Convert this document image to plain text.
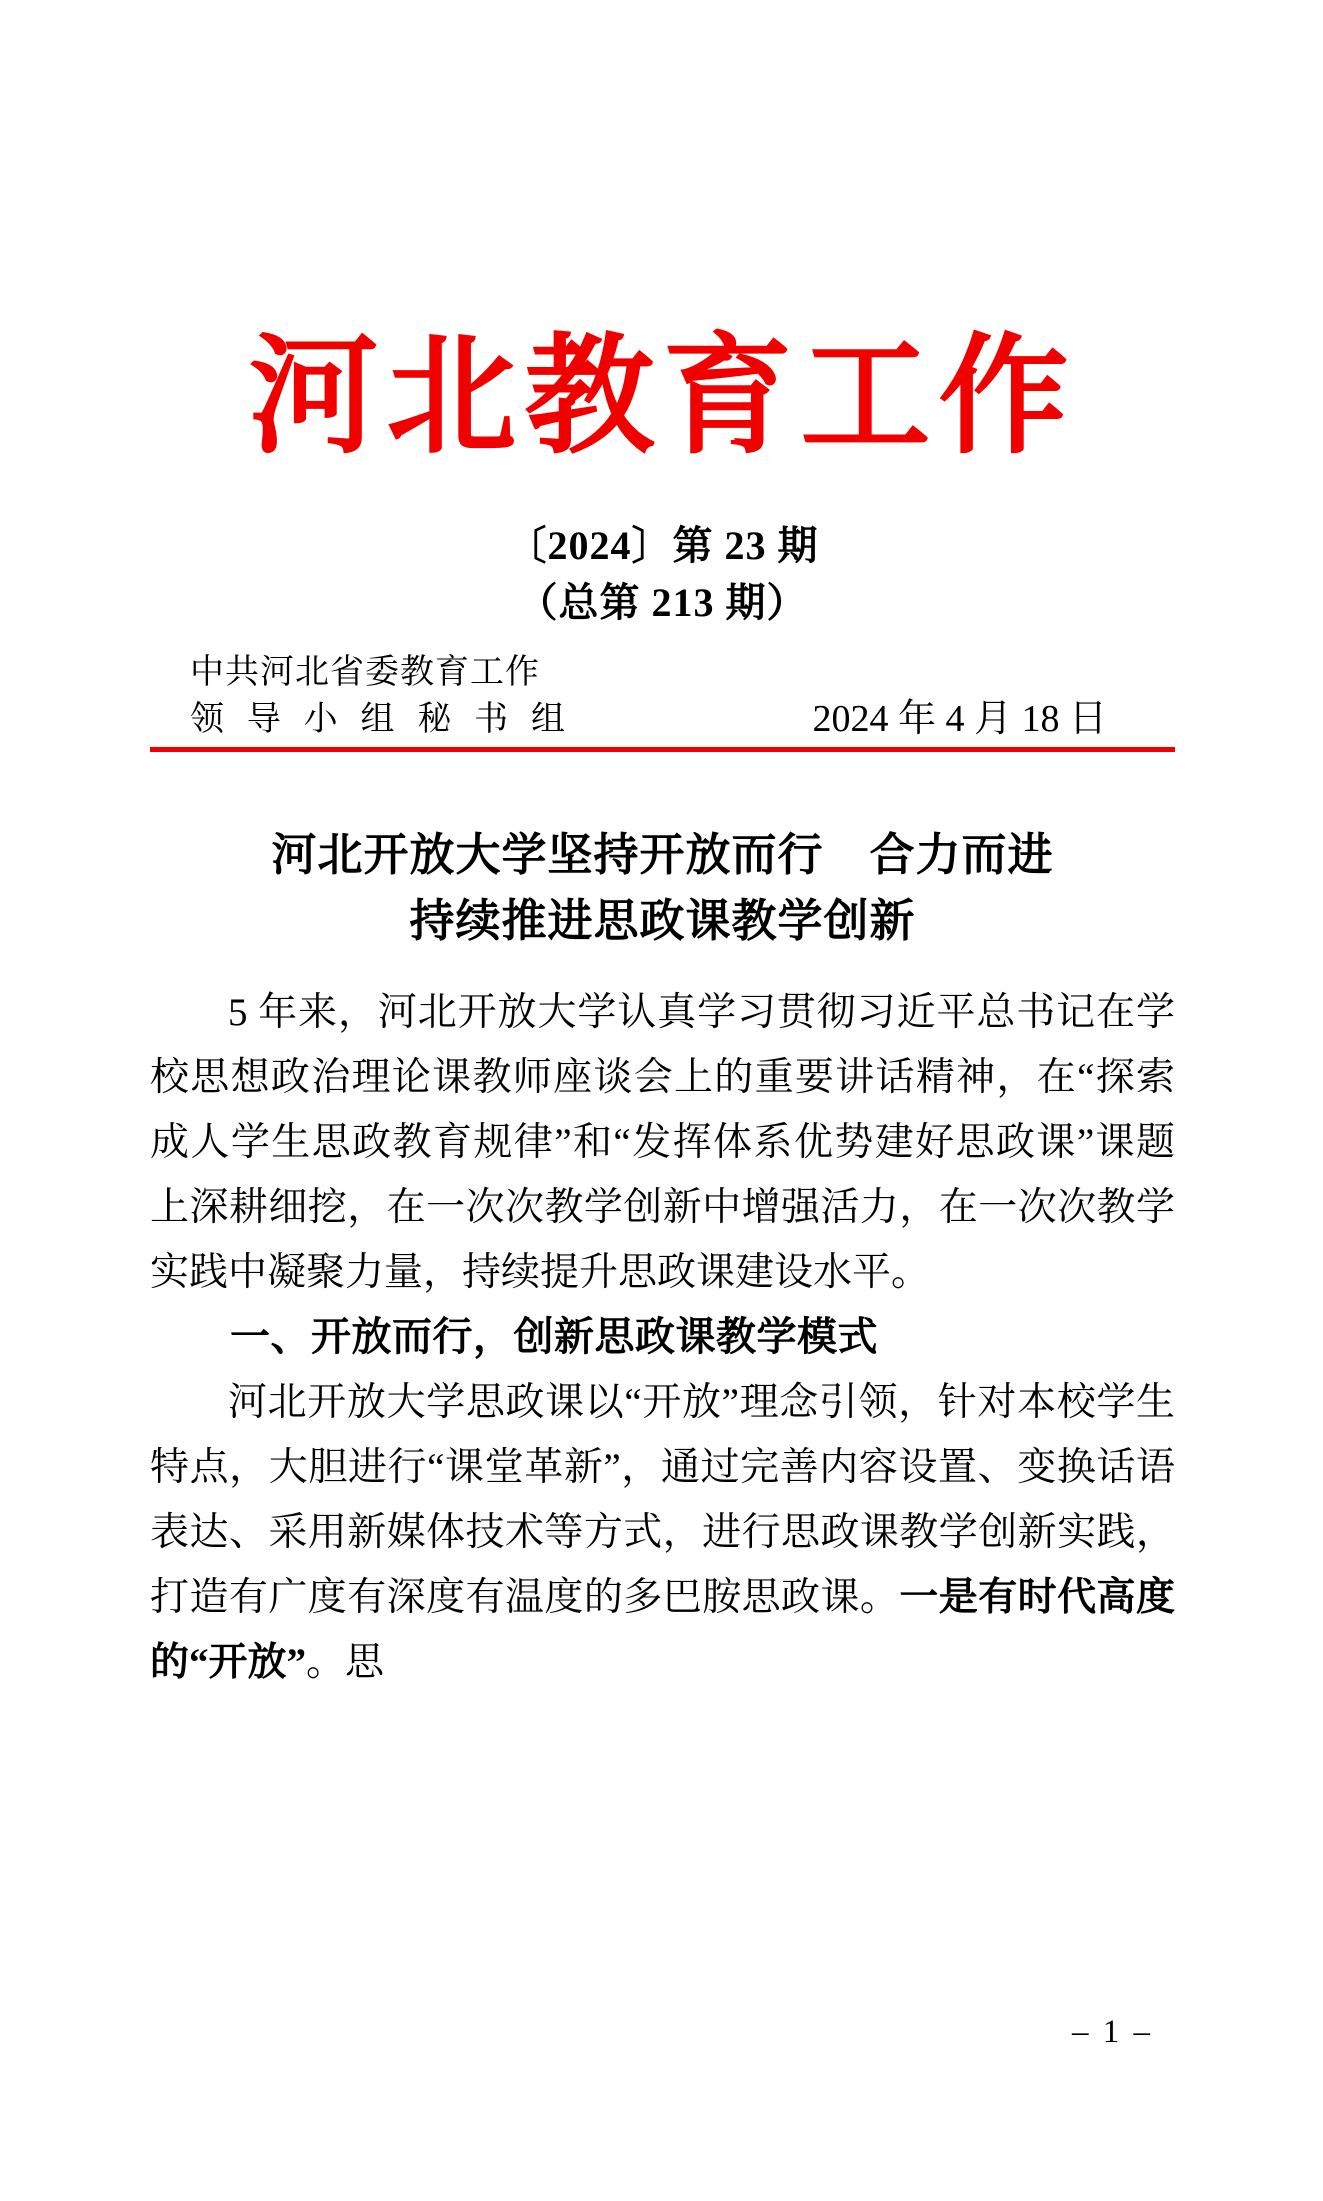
河北教育工作
〔2024〕第 23 期
（总第 213 期）
中共河北省委教育工作
领导小组秘书组	2024 年 4 月 18 日
河北开放大学坚持开放而行　合力而进
持续推进思政课教学创新

5 年来，河北开放大学认真学习贯彻习近平总书记在学校思想政治理论课教师座谈会上的重要讲话精神，在“探索成人学生思政教育规律”和“发挥体系优势建好思政课”课题上深耕细挖，在一次次教学创新中增强活力，在一次次教学实践中凝聚力量，持续提升思政课建设水平。

一、开放而行，创新思政课教学模式

河北开放大学思政课以“开放”理念引领，针对本校学生特点，大胆进行“课堂革新”，通过完善内容设置、变换话语表达、采用新媒体技术等方式，进行思政课教学创新实践，打造有广度有深度有温度的多巴胺思政课。一是有时代高度的“开放”。思

– 1 –
